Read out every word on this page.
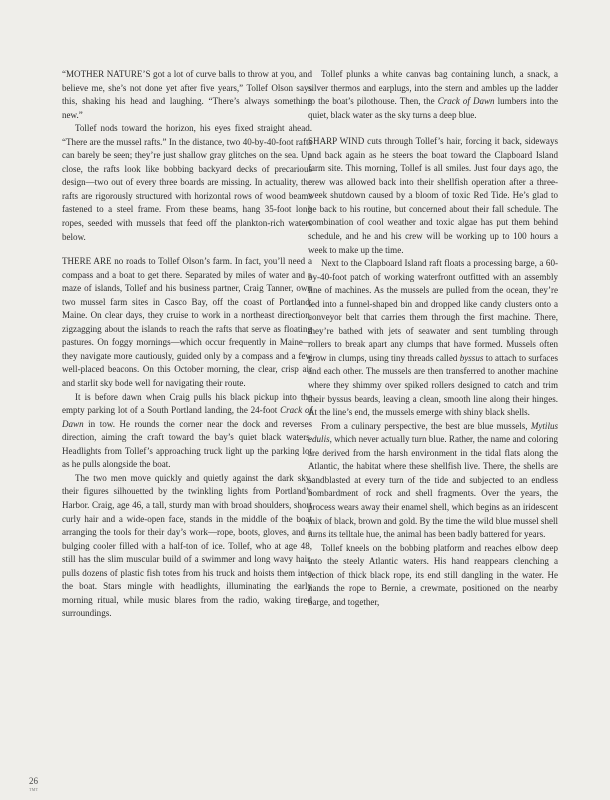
“MOTHER NATURE’S got a lot of curve balls to throw at you, and believe me, she’s not done yet after five years,” Tollef Olson says this, shaking his head and laughing. “There’s always something new.”

Tollef nods toward the horizon, his eyes fixed straight ahead. “There are the mussel rafts.” In the distance, two 40-by-40-foot rafts can barely be seen; they’re just shallow gray glitches on the sea. Up close, the rafts look like bobbing backyard decks of precarious design—two out of every three boards are missing. In actuality, the rafts are rigorously structured with horizontal rows of wood beams fastened to a steel frame. From these beams, hang 35-foot long ropes, seeded with mussels that feed off the plankton-rich waters below.

THERE ARE no roads to Tollef Olson’s farm. In fact, you’ll need a compass and a boat to get there. Separated by miles of water and a maze of islands, Tollef and his business partner, Craig Tanner, own two mussel farm sites in Casco Bay, off the coast of Portland, Maine. On clear days, they cruise to work in a northeast direction, zigzagging about the islands to reach the rafts that serve as floating pastures. On foggy mornings—which occur frequently in Maine—they navigate more cautiously, guided only by a compass and a few well-placed beacons. On this October morning, the clear, crisp air and starlit sky bode well for navigating their route.

It is before dawn when Craig pulls his black pickup into the empty parking lot of a South Portland landing, the 24-foot Crack of Dawn in tow. He rounds the corner near the dock and reverses direction, aiming the craft toward the bay’s quiet black waters. Headlights from Tollef’s approaching truck light up the parking lot as he pulls alongside the boat.

The two men move quickly and quietly against the dark sky, their figures silhouetted by the twinkling lights from Portland’s Harbor. Craig, age 46, a tall, sturdy man with broad shoulders, short curly hair and a wide-open face, stands in the middle of the boat arranging the tools for their day’s work—rope, boots, gloves, and a bulging cooler filled with a half-ton of ice. Tollef, who at age 48, still has the slim muscular build of a swimmer and long wavy hair, pulls dozens of plastic fish totes from his truck and hoists them into the boat. Stars mingle with headlights, illuminating the early morning ritual, while music blares from the radio, waking tired surroundings.

Tollef plunks a white canvas bag containing lunch, a snack, a silver thermos and earplugs, into the stern and ambles up the ladder to the boat’s pilothouse. Then, the Crack of Dawn lumbers into the quiet, black water as the sky turns a deep blue.

SHARP WIND cuts through Tollef’s hair, forcing it back, sideways and back again as he steers the boat toward the Clapboard Island farm site. This morning, Tollef is all smiles. Just four days ago, the crew was allowed back into their shellfish operation after a three-week shutdown caused by a bloom of toxic Red Tide. He’s glad to be back to his routine, but concerned about their fall schedule. The combination of cool weather and toxic algae has put them behind schedule, and he and his crew will be working up to 100 hours a week to make up the time.

Next to the Clapboard Island raft floats a processing barge, a 60-by-40-foot patch of working waterfront outfitted with an assembly line of machines. As the mussels are pulled from the ocean, they’re fed into a funnel-shaped bin and dropped like candy clusters onto a conveyor belt that carries them through the first machine. There, they’re bathed with jets of seawater and sent tumbling through rollers to break apart any clumps that have formed. Mussels often grow in clumps, using tiny threads called byssus to attach to surfaces and each other. The mussels are then transferred to another machine where they shimmy over spiked rollers designed to catch and trim their byssus beards, leaving a clean, smooth line along their hinges. At the line’s end, the mussels emerge with shiny black shells.

From a culinary perspective, the best are blue mussels, Mytilus edulis, which never actually turn blue. Rather, the name and coloring are derived from the harsh environment in the tidal flats along the Atlantic, the habitat where these shellfish live. There, the shells are sandblasted at every turn of the tide and subjected to an endless bombardment of rock and shell fragments. Over the years, the process wears away their enamel shell, which begins as an iridescent mix of black, brown and gold. By the time the wild blue mussel shell turns its telltale hue, the animal has been badly battered for years.

Tollef kneels on the bobbing platform and reaches elbow deep into the steely Atlantic waters. His hand reappears clenching a section of thick black rope, its end still dangling in the water. He hands the rope to Bernie, a crewmate, positioned on the nearby barge, and together,

26
TMT
